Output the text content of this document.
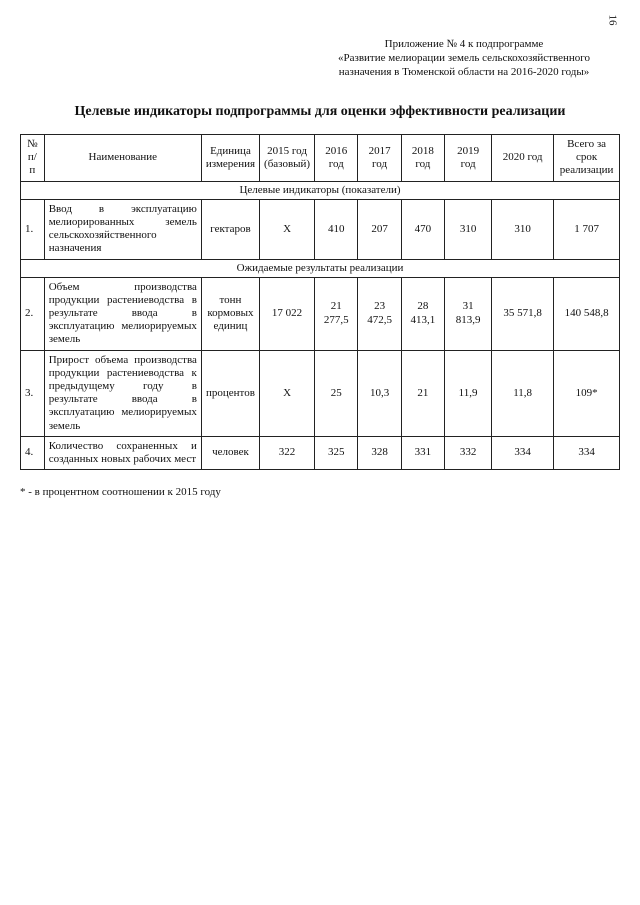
16
Приложение № 4 к подпрограмме
«Развитие мелиорации земель сельскохозяйственного
назначения в Тюменской области на 2016-2020 годы»
Целевые индикаторы подпрограммы для оценки эффективности реализации
№ п/п	Наименование	Единица измерения	2015 год (базовый)	2016 год	2017 год	2018 год	2019 год	2020 год	Всего за срок реализации
Целевые индикаторы (показатели)									
1.	Ввод в эксплуатацию мелиорированных земель сельскохозяйственного назначения	гектаров	X	410	207	470	310	310	1 707
Ожидаемые результаты реализации									
2.	Объем производства продукции растениеводства в результате ввода в эксплуатацию мелиорируемых земель	тонн кормовых единиц	17 022	21 277,5	23 472,5	28 413,1	31 813,9	35 571,8	140 548,8
3.	Прирост объема производства продукции растениеводства к предыдущему году в результате ввода в эксплуатацию мелиорируемых земель	процентов	X	25	10,3	21	11,9	11,8	109*
4.	Количество сохраненных и созданных новых рабочих мест	человек	322	325	328	331	332	334	334
* - в процентном соотношении к 2015 году
